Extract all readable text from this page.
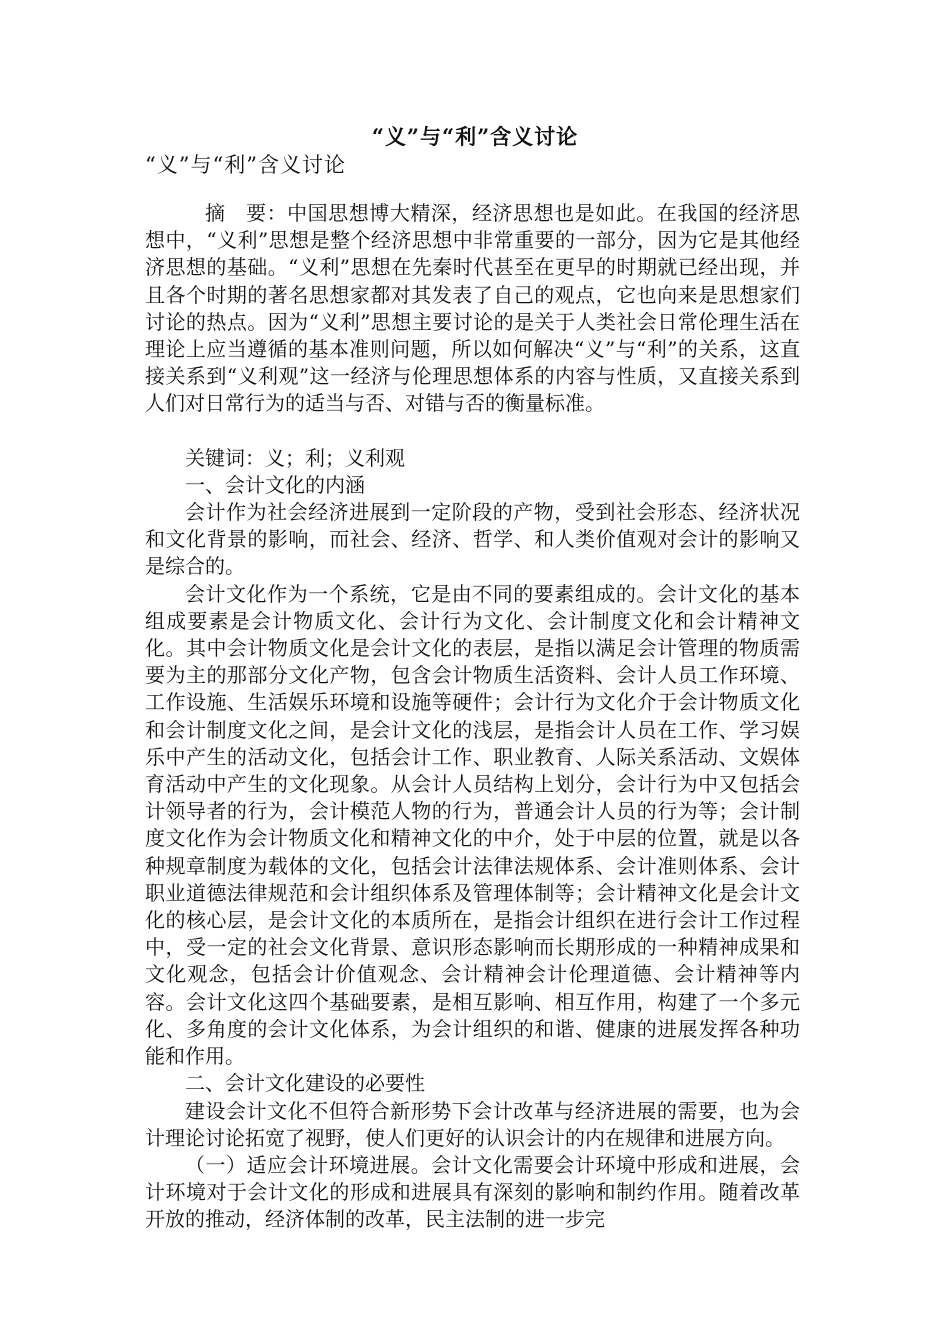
“义”与“利”含义讨论
“义”与“利”含义讨论

摘　要：中国思想博大精深，经济思想也是如此。在我国的经济思想中，“义利”思想是整个经济思想中非常重要的一部分，因为它是其他经济思想的基础。“义利”思想在先秦时代甚至在更早的时期就已经出现，并且各个时期的著名思想家都对其发表了自己的观点，它也向来是思想家们讨论的热点。因为“义利”思想主要讨论的是关于人类社会日常伦理生活在理论上应当遵循的基本准则问题，所以如何解决“义”与“利”的关系，这直接关系到“义利观”这一经济与伦理思想体系的内容与性质，又直接关系到人们对日常行为的适当与否、对错与否的衡量标准。

关键词：义；利；义利观

一、会计文化的内涵

会计作为社会经济进展到一定阶段的产物，受到社会形态、经济状况和文化背景的影响，而社会、经济、哲学、和人类价值观对会计的影响又是综合的。

会计文化作为一个系统，它是由不同的要素组成的。会计文化的基本组成要素是会计物质文化、会计行为文化、会计制度文化和会计精神文化。其中会计物质文化是会计文化的表层，是指以满足会计管理的物质需要为主的那部分文化产物，包含会计物质生活资料、会计人员工作环境、工作设施、生活娱乐环境和设施等硬件；会计行为文化介于会计物质文化和会计制度文化之间，是会计文化的浅层，是指会计人员在工作、学习娱乐中产生的活动文化，包括会计工作、职业教育、人际关系活动、文娱体育活动中产生的文化现象。从会计人员结构上划分，会计行为中又包括会计领导者的行为，会计模范人物的行为，普通会计人员的行为等；会计制度文化作为会计物质文化和精神文化的中介，处于中层的位置，就是以各种规章制度为载体的文化，包括会计法律法规体系、会计准则体系、会计职业道德法律规范和会计组织体系及管理体制等；会计精神文化是会计文化的核心层，是会计文化的本质所在，是指会计组织在进行会计工作过程中，受一定的社会文化背景、意识形态影响而长期形成的一种精神成果和文化观念，包括会计价值观念、会计精神会计伦理道德、会计精神等内容。会计文化这四个基础要素，是相互影响、相互作用，构建了一个多元化、多角度的会计文化体系，为会计组织的和谐、健康的进展发挥各种功能和作用。

二、会计文化建设的必要性

建设会计文化不但符合新形势下会计改革与经济进展的需要，也为会计理论讨论拓宽了视野，使人们更好的认识会计的内在规律和进展方向。

（一）适应会计环境进展。会计文化需要会计环境中形成和进展，会计环境对于会计文化的形成和进展具有深刻的影响和制约作用。随着改革开放的推动，经济体制的改革，民主法制的进一步完
